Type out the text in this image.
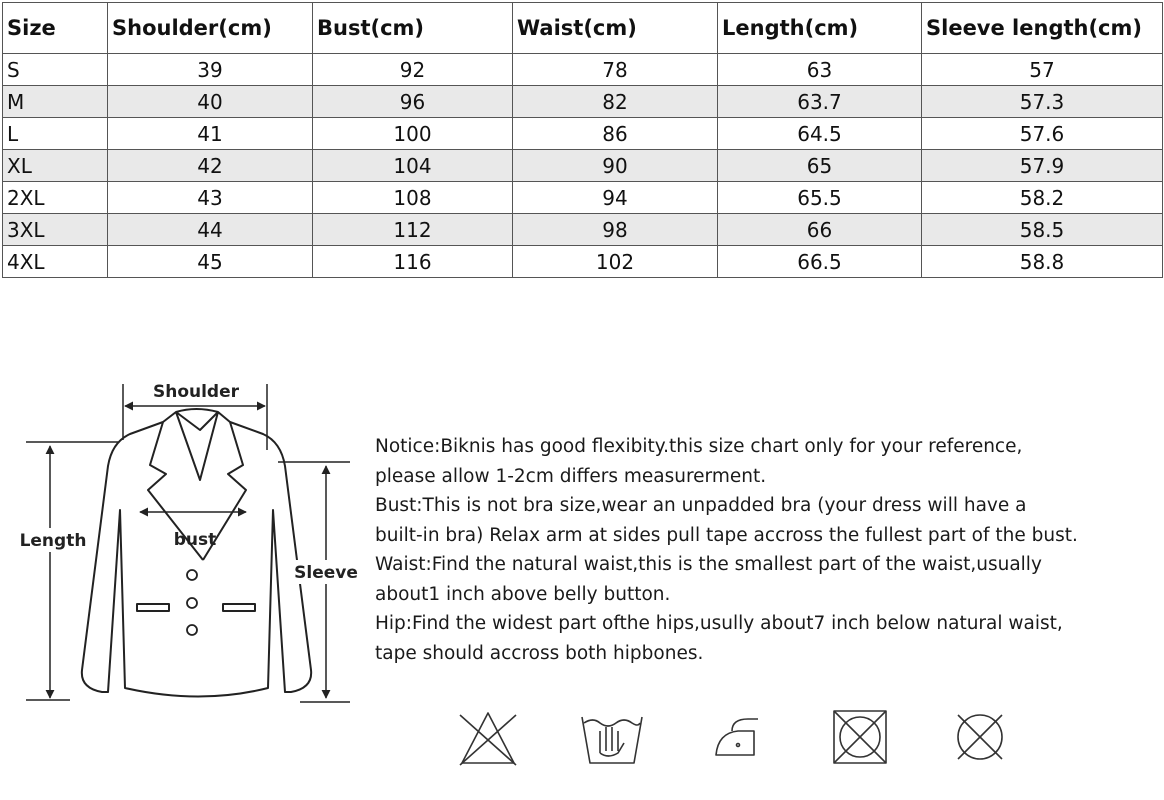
Size	Shoulder(cm)	Bust(cm)	Waist(cm)	Length(cm)	Sleeve length(cm)
S	39	92	78	63	57
M	40	96	82	63.7	57.3
L	41	100	86	64.5	57.6
XL	42	104	90	65	57.9
2XL	43	108	94	65.5	58.2
3XL	44	112	98	66	58.5
4XL	45	116	102	66.5	58.8
Shoulder
Length
Sleeve
bust

Notice:Biknis has good flexibity.this size chart only for your reference,

please allow 1-2cm differs measurerment.

Bust:This is not bra size,wear an unpadded bra (your dress will have a

built-in bra) Relax arm at sides pull tape accross the fullest part of the bust.

Waist:Find the natural waist,this is the smallest part of the waist,usually

about1 inch above belly button.

Hip:Find the widest part ofthe hips,usully about7 inch below natural waist,

tape should accross both hipbones.
